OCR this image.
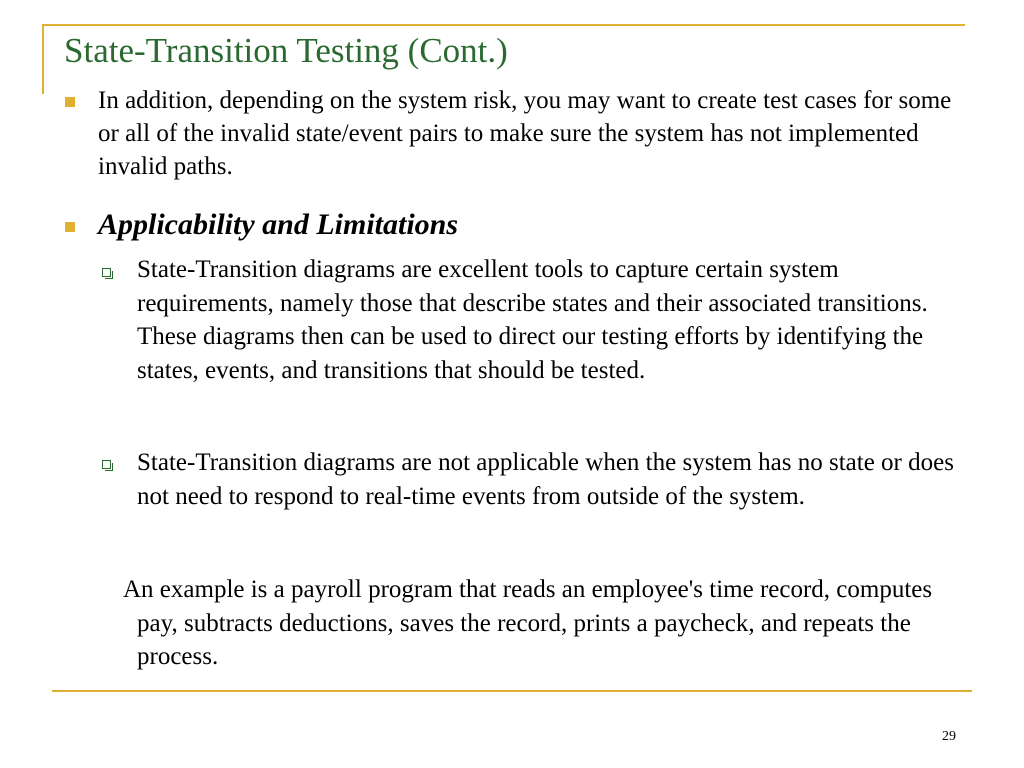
State-Transition Testing (Cont.)
In addition, depending on the system risk, you may want to create test cases for some or all of the invalid state/event pairs to make sure the system has not implemented invalid paths.
Applicability and Limitations
State-Transition diagrams are excellent tools to capture certain system requirements, namely those that describe states and their associated transitions. These diagrams then can be used to direct our testing efforts by identifying the states, events, and transitions that should be tested.
State-Transition diagrams are not applicable when the system has no state or does not need to respond to real-time events from outside of the system.
An example is a payroll program that reads an employee's time record, computes pay, subtracts deductions, saves the record, prints a paycheck, and repeats the process.
29
